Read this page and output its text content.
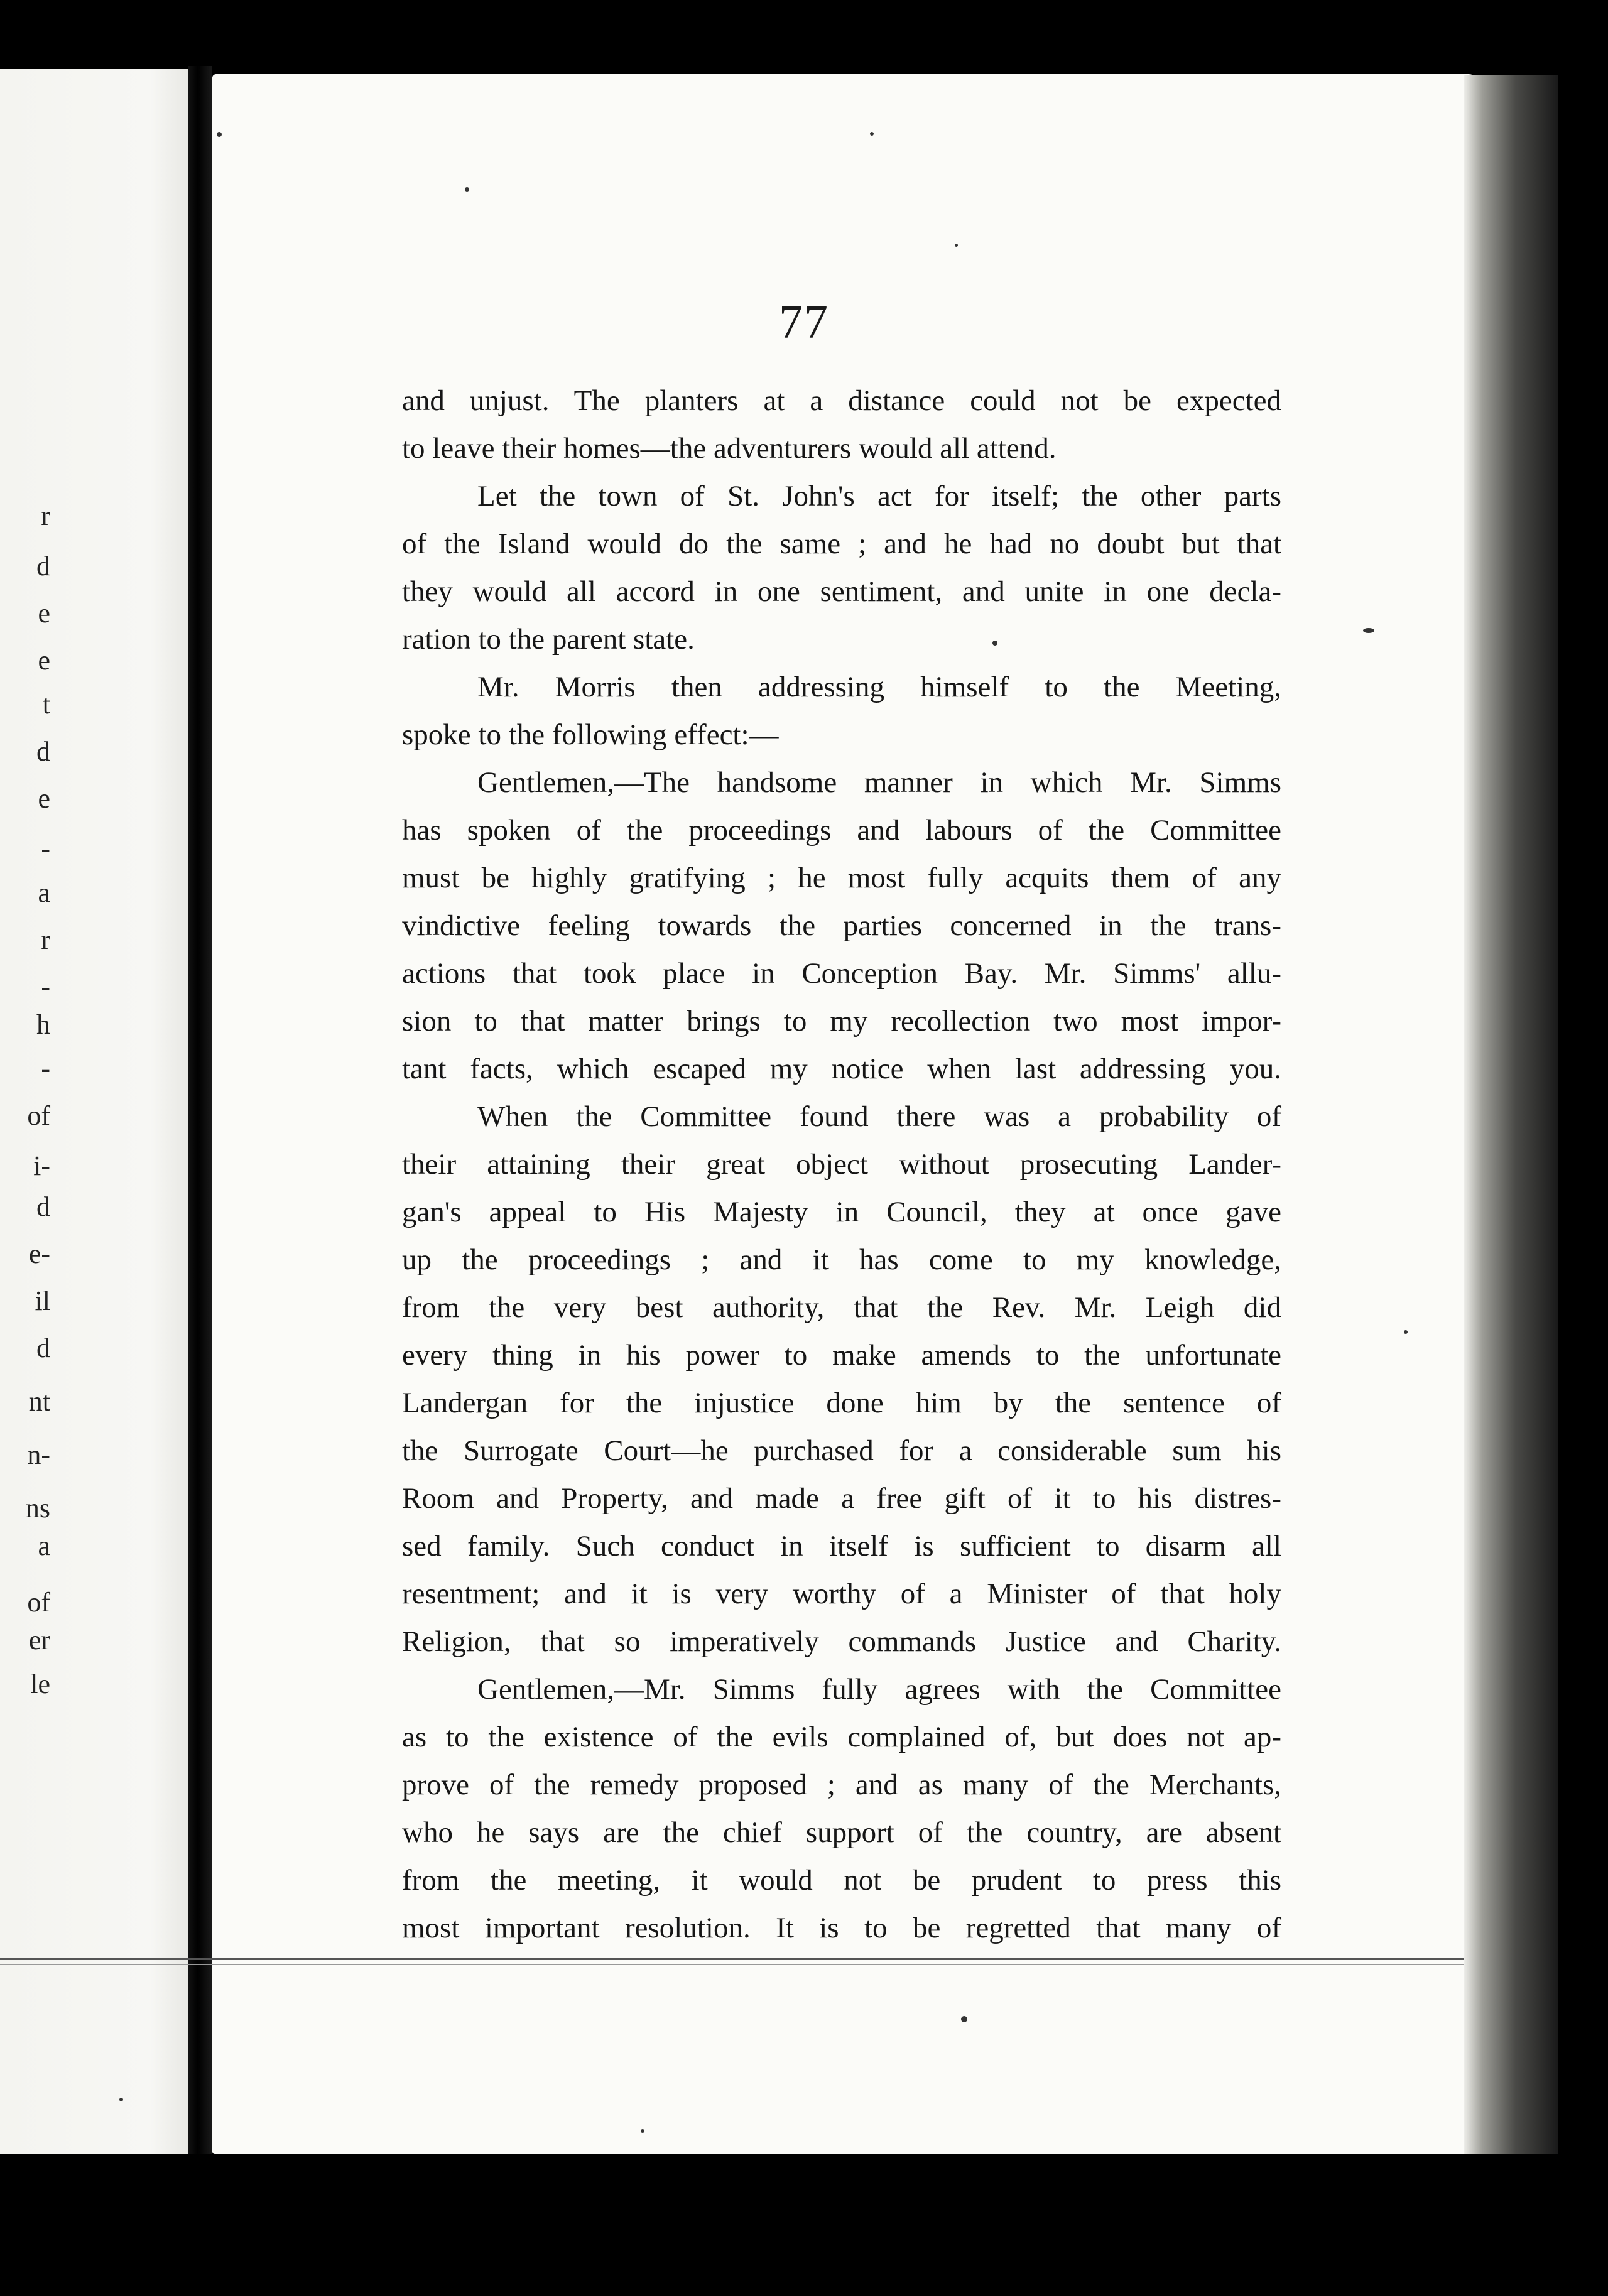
r
d
e
e
t
d
e
-
a
r
-
h
-
of
i-
d
e-
il
d
nt
n-
ns
a
of
er
le
77
and unjust. The planters at a distance could not be expected
to leave their homes—the adventurers would all attend.
Let the town of St. John's act for itself; the other parts
of the Island would do the same ; and he had no doubt but that
they would all accord in one sentiment, and unite in one decla-
ration to the parent state.
Mr. Morris then addressing himself to the Meeting,
spoke to the following effect:—
Gentlemen,—The handsome manner in which Mr. Simms
has spoken of the proceedings and labours of the Committee
must be highly gratifying ; he most fully acquits them of any
vindictive feeling towards the parties concerned in the trans-
actions that took place in Conception Bay. Mr. Simms' allu-
sion to that matter brings to my recollection two most impor-
tant facts, which escaped my notice when last addressing you.
When the Committee found there was a probability of
their attaining their great object without prosecuting Lander-
gan's appeal to His Majesty in Council, they at once gave
up the proceedings ; and it has come to my knowledge,
from the very best authority, that the Rev. Mr. Leigh did
every thing in his power to make amends to the unfortunate
Landergan for the injustice done him by the sentence of
the Surrogate Court—he purchased for a considerable sum his
Room and Property, and made a free gift of it to his distres-
sed family. Such conduct in itself is sufficient to disarm all
resentment; and it is very worthy of a Minister of that holy
Religion, that so imperatively commands Justice and Charity.
Gentlemen,—Mr. Simms fully agrees with the Committee
as to the existence of the evils complained of, but does not ap-
prove of the remedy proposed ; and as many of the Merchants,
who he says are the chief support of the country, are absent
from the meeting, it would not be prudent to press this
most important resolution. It is to be regretted that many of
